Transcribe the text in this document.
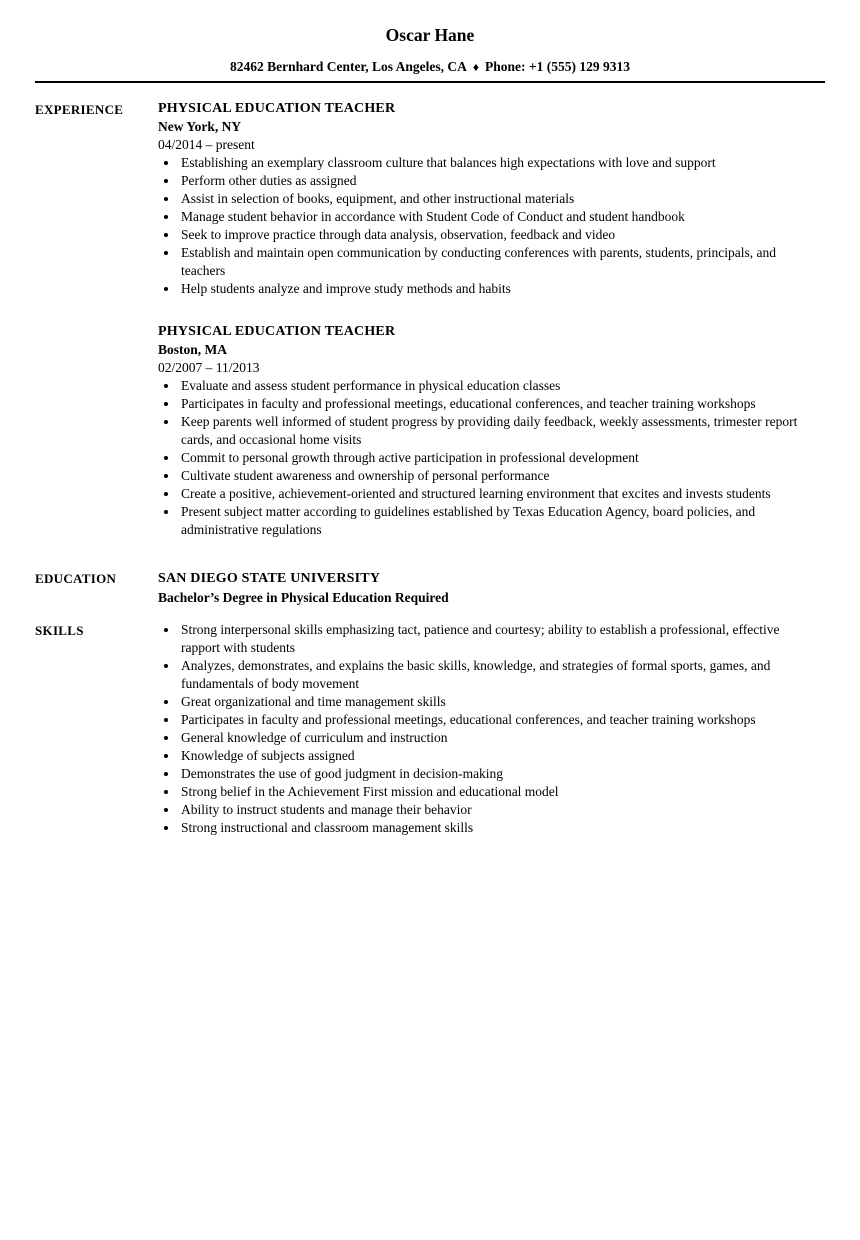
Oscar Hane
82462 Bernhard Center, Los Angeles, CA ♦ Phone: +1 (555) 129 9313
EXPERIENCE	PHYSICAL EDUCATION TEACHER
New York, NY
04/2014 – present
• Establishing an exemplary classroom culture that balances high expectations with love and support
• Perform other duties as assigned
• Assist in selection of books, equipment, and other instructional materials
• Manage student behavior in accordance with Student Code of Conduct and student handbook
• Seek to improve practice through data analysis, observation, feedback and video
• Establish and maintain open communication by conducting conferences with parents, students, principals, and teachers
• Help students analyze and improve study methods and habits
PHYSICAL EDUCATION TEACHER
Boston, MA
02/2007 – 11/2013
• Evaluate and assess student performance in physical education classes
• Participates in faculty and professional meetings, educational conferences, and teacher training workshops
• Keep parents well informed of student progress by providing daily feedback, weekly assessments, trimester report cards, and occasional home visits
• Commit to personal growth through active participation in professional development
• Cultivate student awareness and ownership of personal performance
• Create a positive, achievement-oriented and structured learning environment that excites and invests students
• Present subject matter according to guidelines established by Texas Education Agency, board policies, and administrative regulations
EDUCATION	SAN DIEGO STATE UNIVERSITY
Bachelor’s Degree in Physical Education Required
SKILLS	• Strong interpersonal skills emphasizing tact, patience and courtesy; ability to establish a professional, effective rapport with students
• Analyzes, demonstrates, and explains the basic skills, knowledge, and strategies of formal sports, games, and fundamentals of body movement
• Great organizational and time management skills
• Participates in faculty and professional meetings, educational conferences, and teacher training workshops
• General knowledge of curriculum and instruction
• Knowledge of subjects assigned
• Demonstrates the use of good judgment in decision-making
• Strong belief in the Achievement First mission and educational model
• Ability to instruct students and manage their behavior
• Strong instructional and classroom management skills
